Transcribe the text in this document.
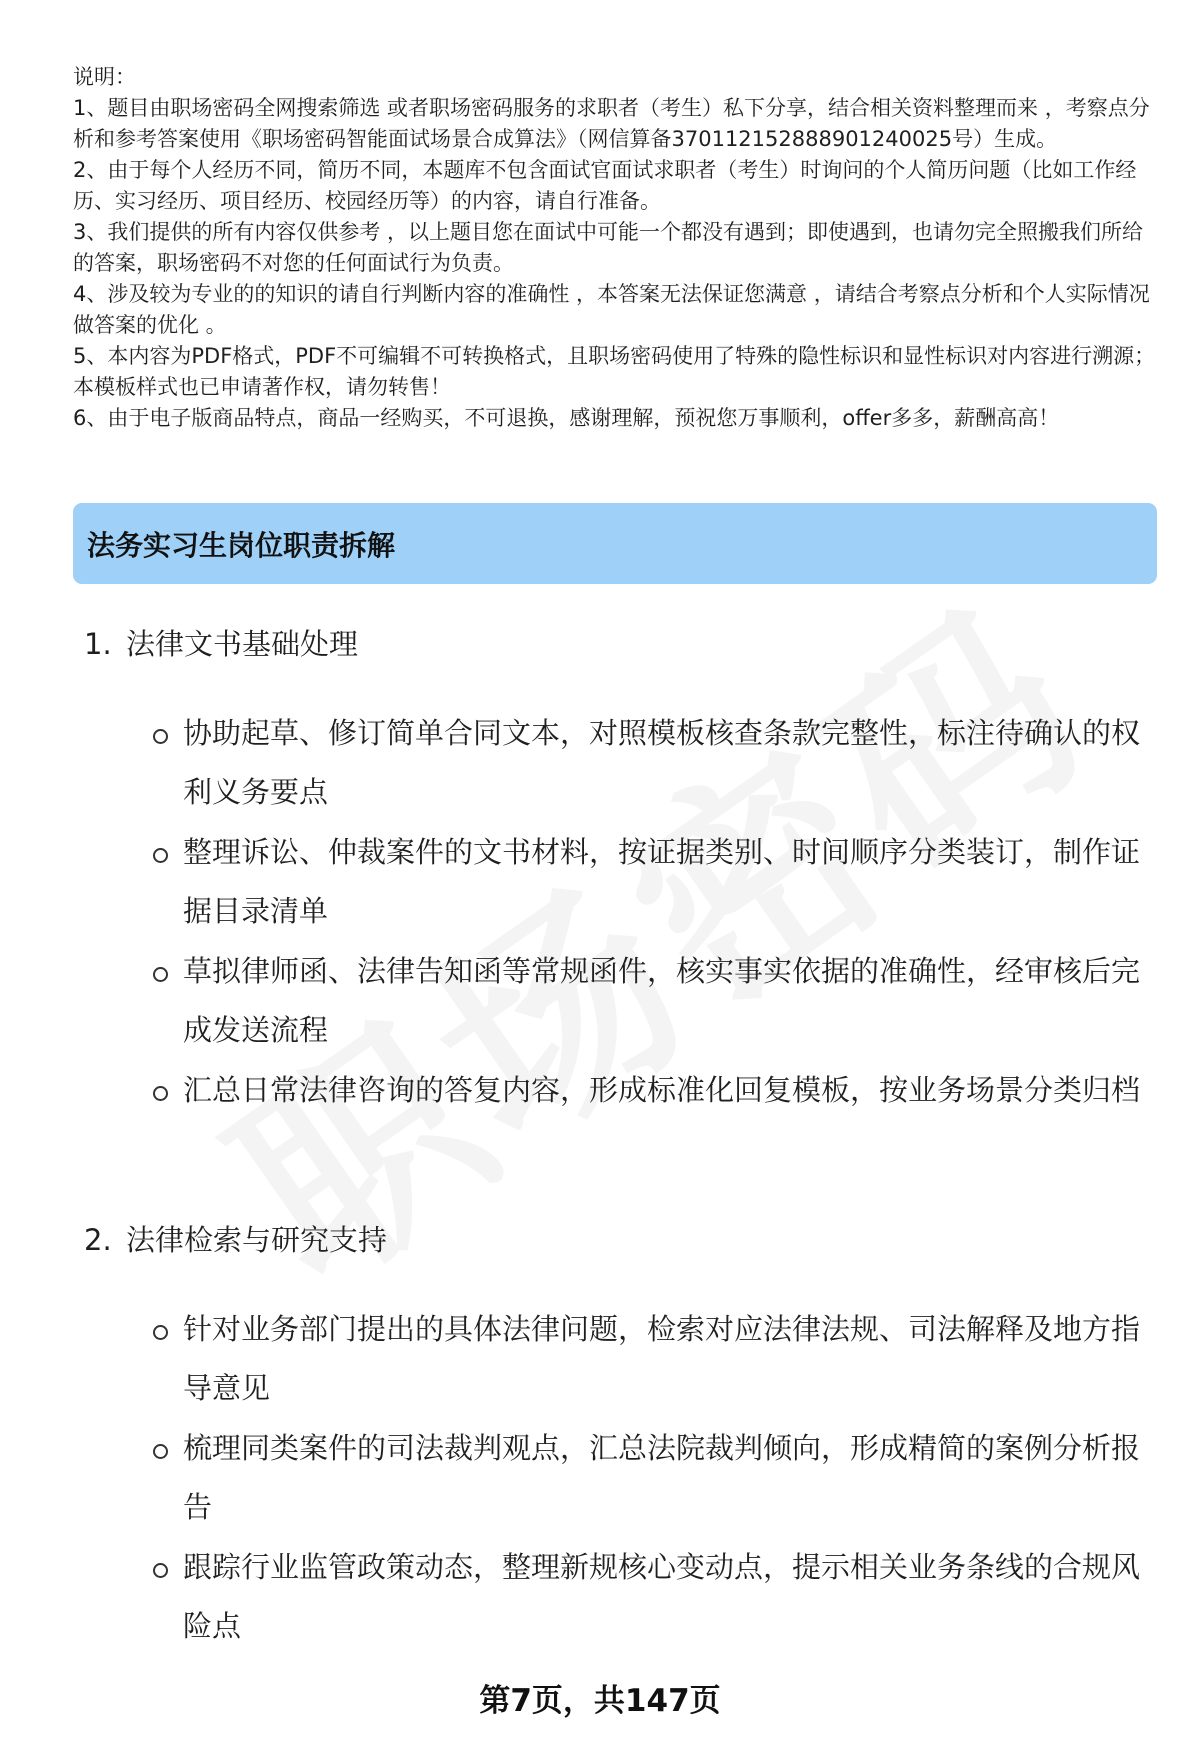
说明：

1、题目由职场密码全网搜索筛选 或者职场密码服务的求职者（考生）私下分享，结合相关资料整理而来 ，考察点分析和参考答案使用《职场密码智能面试场景合成算法》（网信算备370112152888901240025号）生成。

2、由于每个人经历不同，简历不同，本题库不包含面试官面试求职者（考生）时询问的个人简历问题（比如工作经历、实习经历、项目经历、校园经历等）的内容，请自行准备。

3、我们提供的所有内容仅供参考 ，以上题目您在面试中可能一个都没有遇到；即使遇到，也请勿完全照搬我们所给的答案，职场密码不对您的任何面试行为负责。

4、涉及较为专业的的知识的请自行判断内容的准确性 ，本答案无法保证您满意 ，请结合考察点分析和个人实际情况做答案的优化 。

5、本内容为PDF格式，PDF不可编辑不可转换格式，且职场密码使用了特殊的隐性标识和显性标识对内容进行溯源；本模板样式也已申请著作权，请勿转售！

6、由于电子版商品特点，商品一经购买，不可退换，感谢理解，预祝您万事顺利，offer多多，薪酬高高！

法务实习生岗位职责拆解
1. 法律文书基础处理
协助起草、修订简单合同文本，对照模板核查条款完整性，标注待确认的权利义务要点
整理诉讼、仲裁案件的文书材料，按证据类别、时间顺序分类装订，制作证据目录清单
草拟律师函、法律告知函等常规函件，核实事实依据的准确性，经审核后完成发送流程
汇总日常法律咨询的答复内容，形成标准化回复模板，按业务场景分类归档
2. 法律检索与研究支持
针对业务部门提出的具体法律问题，检索对应法律法规、司法解释及地方指导意见
梳理同类案件的司法裁判观点，汇总法院裁判倾向，形成精简的案例分析报告
跟踪行业监管政策动态，整理新规核心变动点，提示相关业务条线的合规风险点
第7页，共147页
